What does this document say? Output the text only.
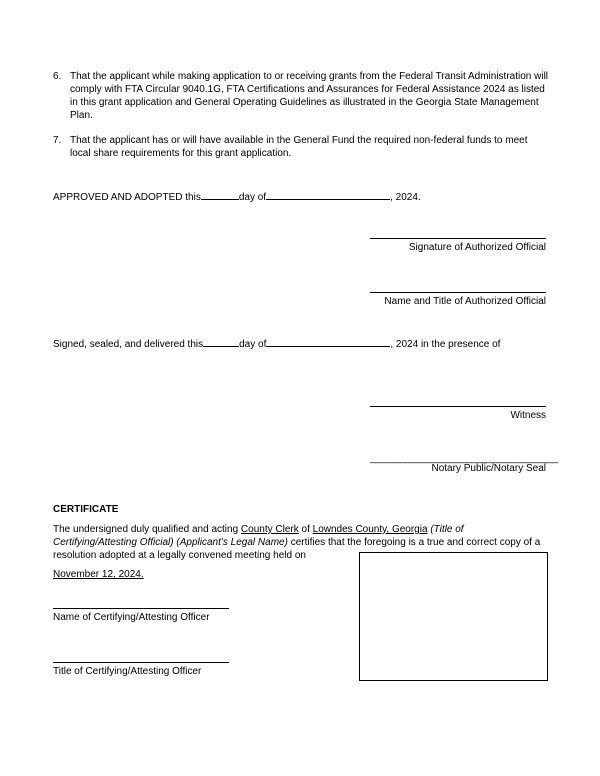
6. That the applicant while making application to or receiving grants from the Federal Transit Administration will comply with FTA Circular 9040.1G, FTA Certifications and Assurances for Federal Assistance 2024 as listed in this grant application and General Operating Guidelines as illustrated in the Georgia State Management Plan.
7. That the applicant has or will have available in the General Fund the required non-federal funds to meet local share requirements for this grant application.
APPROVED AND ADOPTED this	day of	, 2024.
Signature of Authorized Official
Name and Title of Authorized Official
Signed, sealed, and delivered this	day of	, 2024 in the presence of
Witness
_____________________________________
Notary Public/Notary Seal
CERTIFICATE
The undersigned duly qualified and acting County Clerk of Lowndes County, Georgia (Title of Certifying/Attesting Official) (Applicant’s Legal Name) certifies that the foregoing is a true and correct copy of a resolution adopted at a legally convened meeting held on
November 12, 2024.
Name of Certifying/Attesting Officer
Title of Certifying/Attesting Officer
